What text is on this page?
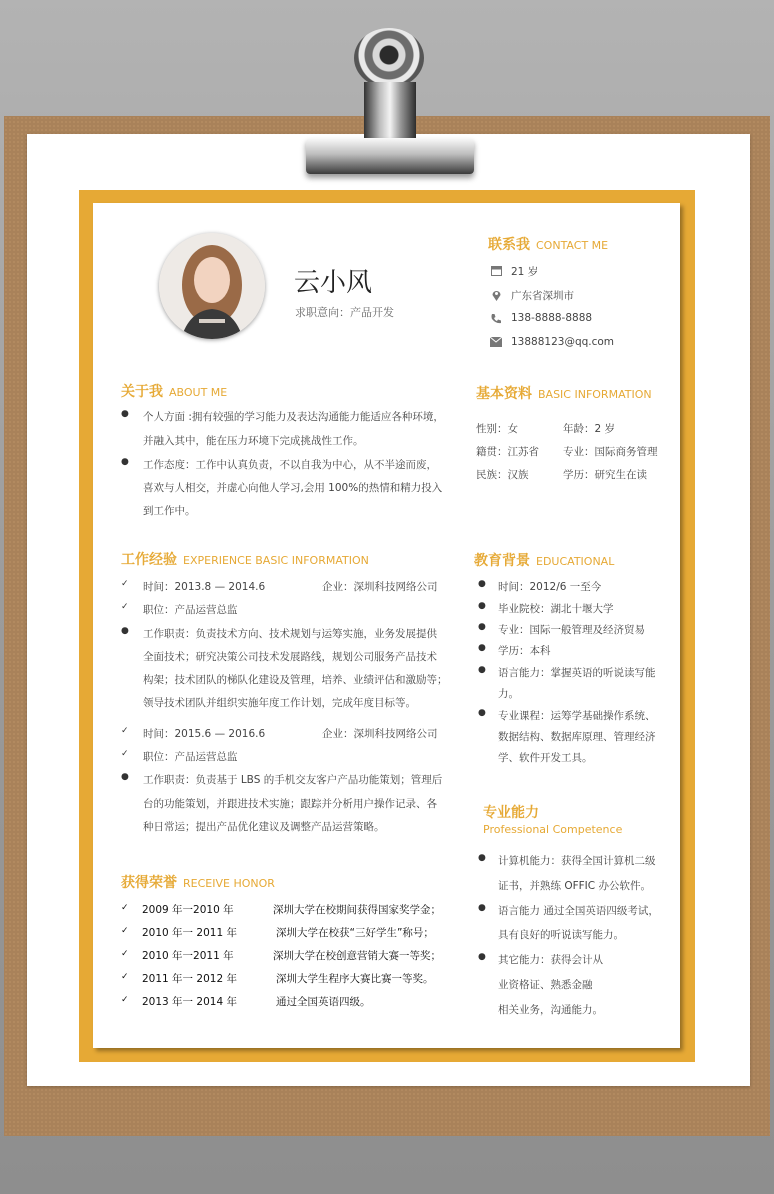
云小风
求职意向：产品开发
联系我 CONTACT ME
21 岁
广东省深圳市
138-8888-8888
13888123@qq.com
关于我 ABOUT ME
● 个人方面 :拥有较强的学习能力及表达沟通能力能适应各种环境，
并融入其中，能在压力环境下完成挑战性工作。
● 工作态度：工作中认真负责，不以自我为中心，从不半途而废，
喜欢与人相交，并虚心向他人学习,会用 100%的热情和精力投入
到工作中。
基本资料 BASIC INFORMATION
性别：女	年龄：2 岁
籍贯：江苏省 专业：国际商务管理
民族：汉族	学历：研究生在读
工作经验 EXPERIENCE BASIC INFORMATION
✓ 时间：2013.8 — 2014.6	企业：深圳科技网络公司
✓ 职位：产品运营总监
● 工作职责：负责技术方向、技术规划与运筹实施，业务发展提供
全面技术；研究决策公司技术发展路线，规划公司服务产品技术
构架；技术团队的梯队化建设及管理，培养、业绩评估和激励等；
领导技术团队并组织实施年度工作计划，完成年度目标等。
✓ 时间：2015.6 — 2016.6	企业：深圳科技网络公司
✓ 职位：产品运营总监
● 工作职责：负责基于 LBS 的手机交友客户产品功能策划；管理后
台的功能策划，并跟进技术实施；跟踪并分析用户操作记录、各
种日常运；提出产品优化建议及调整产品运营策略。
教育背景 EDUCATIONAL
● 时间：2012/6 一至今
● 毕业院校：湖北十堰大学
● 专业：国际一般管理及经济贸易
● 学历：本科
● 语言能力：掌握英语的听说读写能
力。
● 专业课程：运筹学基础操作系统、
数据结构、数据库原理、管理经济
学、软件开发工具。
专业能力
Professional Competence
● 计算机能力：获得全国计算机二级
证书，并熟练 OFFIC 办公软件。
● 语言能力 通过全国英语四级考试，
具有良好的听说读写能力。
● 其它能力：获得会计从
业资格证、熟悉金融
相关业务，沟通能力。
获得荣誉 RECEIVE HONOR
✓ 2009 年一2010 年	深圳大学在校期间获得国家奖学金；
✓ 2010 年一 2011 年	深圳大学在校获“三好学生”称号；
✓ 2010 年一2011 年	深圳大学在校创意营销大赛一等奖；
✓ 2011 年一 2012 年	深圳大学生程序大赛比赛一等奖。
✓ 2013 年一 2014 年	通过全国英语四级。
